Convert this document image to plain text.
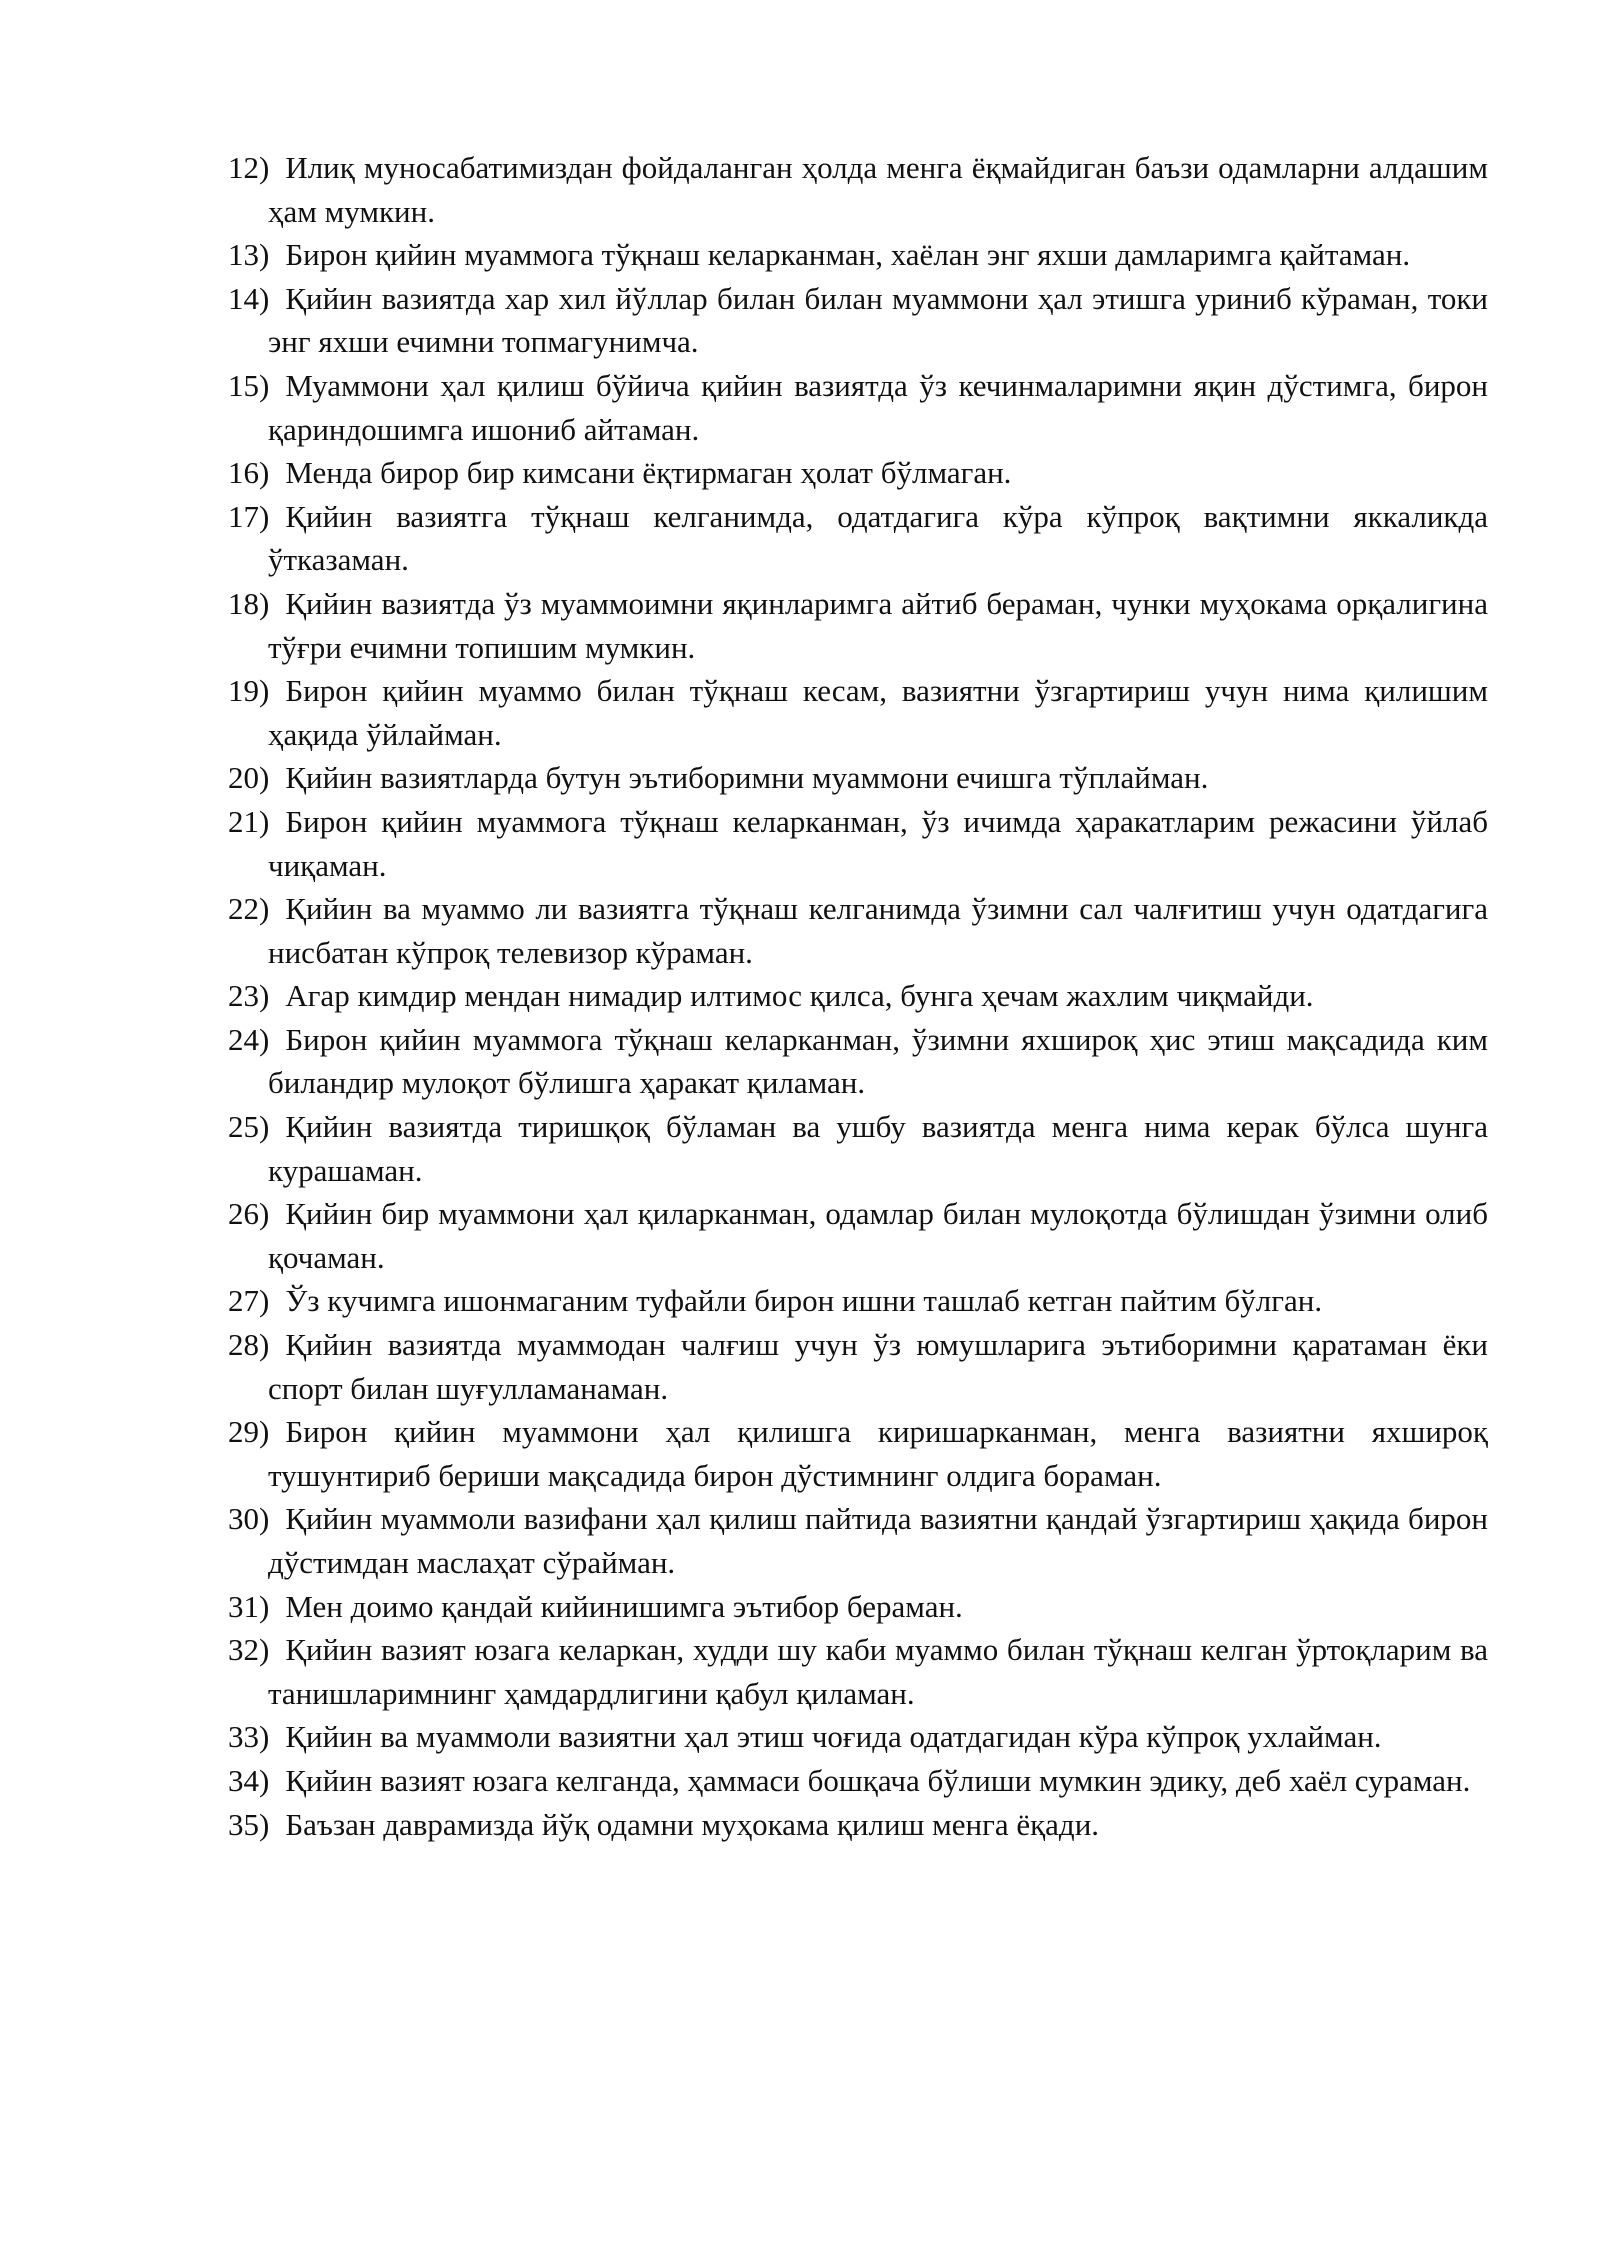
12) Илиқ муносабатимиздан фойдаланган ҳолда менга ёқмайдиган баъзи одамларни алдашим ҳам мумкин.

13) Бирон қийин муаммога тўқнаш келарканман, хаёлан энг яхши дамларимга қайтаман.

14) Қийин вазиятда хар хил йўллар билан билан муаммони ҳал этишга уриниб кўраман, токи энг яхши ечимни топмагунимча.

15) Муаммони ҳал қилиш бўйича қийин вазиятда ўз кечинмаларимни яқин дўстимга, бирон қариндошимга ишониб айтаман.

16) Менда бирор бир кимсани ёқтирмаган ҳолат бўлмаган.

17) Қийин вазиятга тўқнаш келганимда, одатдагига кўра кўпроқ вақтимни яккаликда ўтказаман.

18) Қийин вазиятда ўз муаммоимни яқинларимга айтиб бераман, чунки муҳокама орқалигина тўғри ечимни топишим мумкин.

19) Бирон қийин муаммо билан тўқнаш кесам, вазиятни ўзгартириш учун нима қилишим ҳақида ўйлайман.

20) Қийин вазиятларда бутун эътиборимни муаммони ечишга тўплайман.

21) Бирон қийин муаммога тўқнаш келарканман, ўз ичимда ҳаракатларим режасини ўйлаб чиқаман.

22) Қийин ва муаммо ли вазиятга тўқнаш келганимда ўзимни сал чалғитиш учун одатдагига нисбатан кўпроқ телевизор кўраман.

23) Агар кимдир мендан нимадир илтимос қилса, бунга ҳечам жахлим чиқмайди.

24) Бирон қийин муаммога тўқнаш келарканман, ўзимни яхшироқ ҳис этиш мақсадида ким биландир мулоқот бўлишга ҳаракат қиламан.

25) Қийин вазиятда тиришқоқ бўламан ва ушбу вазиятда менга нима керак бўлса шунга курашаман.

26) Қийин бир муаммони ҳал қиларканман, одамлар билан мулоқотда бўлишдан ўзимни олиб қочаман.

27) Ўз кучимга ишонмаганим туфайли бирон ишни ташлаб кетган пайтим бўлган.

28) Қийин вазиятда муаммодан чалғиш учун ўз юмушларига эътиборимни қаратаман ёки спорт билан шуғулламанаман.

29) Бирон қийин муаммони ҳал қилишга киришарканман, менга вазиятни яхшироқ тушунтириб бериши мақсадида бирон дўстимнинг олдига бораман.

30) Қийин муаммоли вазифани ҳал қилиш пайтида вазиятни қандай ўзгартириш ҳақида бирон дўстимдан маслаҳат сўрайман.

31) Мен доимо қандай кийинишимга эътибор бераман.

32) Қийин вазият юзага келаркан, худди шу каби муаммо билан тўқнаш келган ўртоқларим ва танишларимнинг ҳамдардлигини қабул қиламан.

33) Қийин ва муаммоли вазиятни ҳал этиш чоғида одатдагидан кўра кўпроқ ухлайман.

34) Қийин вазият юзага келганда, ҳаммаси бошқача бўлиши мумкин эдику, деб хаёл сураман.

35) Баъзан даврамизда йўқ одамни муҳокама қилиш менга ёқади.
